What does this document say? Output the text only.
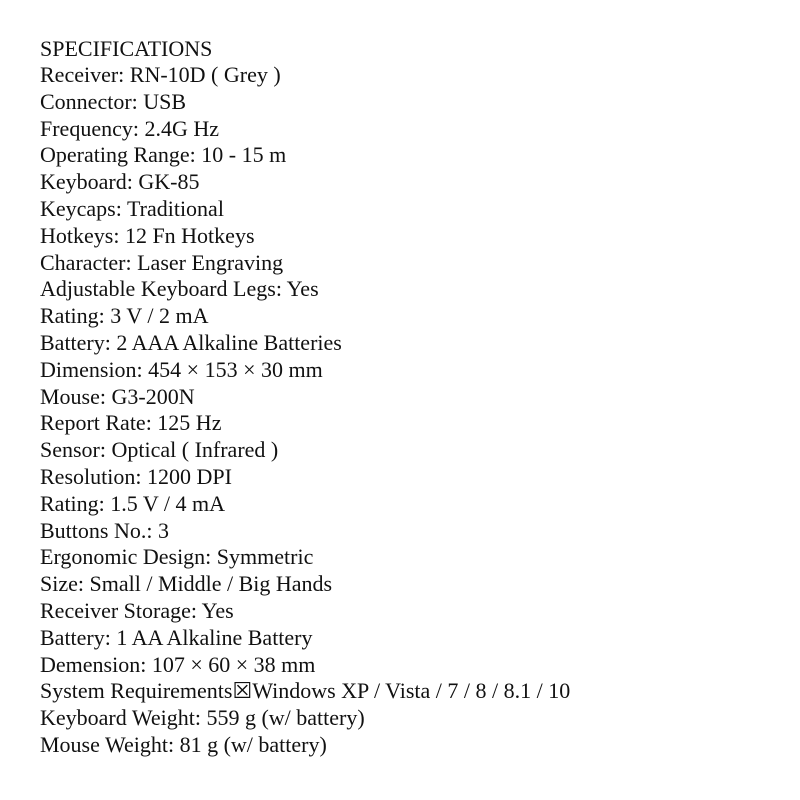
SPECIFICATIONS
Receiver: RN-10D ( Grey )
Connector: USB
Frequency: 2.4G Hz
Operating Range: 10 - 15 m
Keyboard: GK-85
Keycaps: Traditional
Hotkeys: 12 Fn Hotkeys
Character: Laser Engraving
Adjustable Keyboard Legs: Yes
Rating: 3 V / 2 mA
Battery: 2 AAA Alkaline Batteries
Dimension: 454 × 153 × 30 mm
Mouse: G3-200N
Report Rate: 125 Hz
Sensor: Optical ( Infrared )
Resolution: 1200 DPI
Rating: 1.5 V / 4 mA
Buttons No.: 3
Ergonomic Design: Symmetric
Size: Small / Middle / Big Hands
Receiver Storage: Yes
Battery: 1 AA Alkaline Battery
Demension: 107 × 60 × 38 mm
System Requirements☒Windows XP / Vista / 7 / 8 / 8.1 / 10
Keyboard Weight: 559 g (w/ battery)
Mouse Weight: 81 g (w/ battery)
